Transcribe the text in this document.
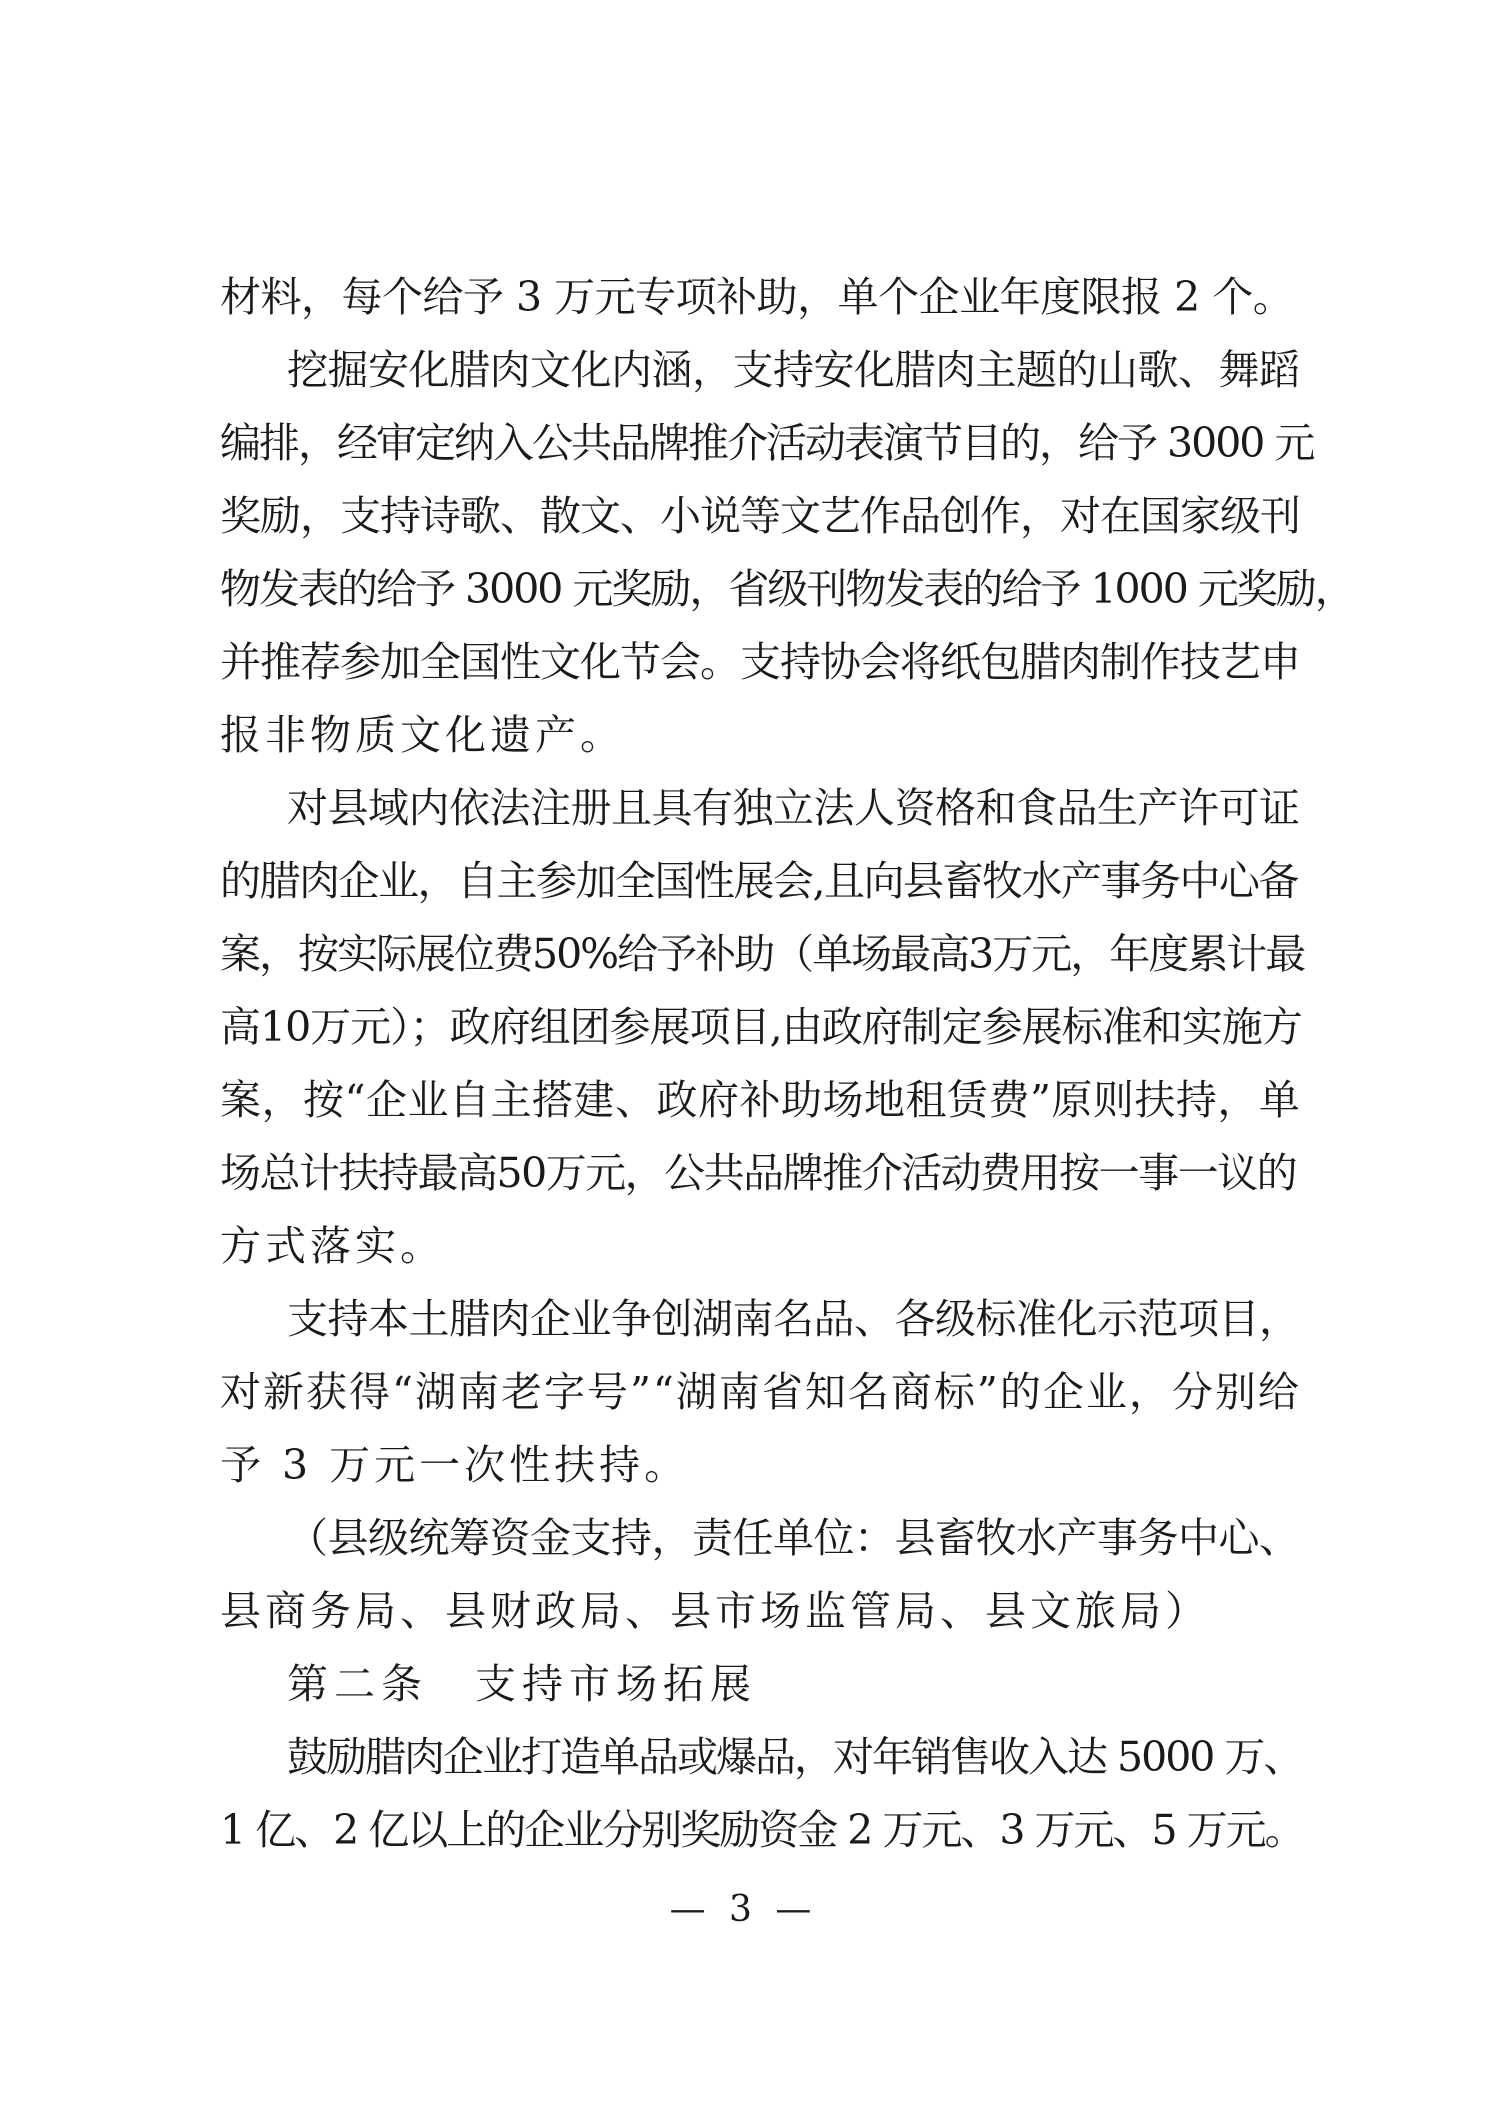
材料，每个给予 3 万元专项补助，单个企业年度限报 2 个。
挖掘安化腊肉文化内涵，支持安化腊肉主题的山歌、舞蹈
编排，经审定纳入公共品牌推介活动表演节目的，给予 3000 元
奖励，支持诗歌、散文、小说等文艺作品创作，对在国家级刊
物发表的给予 3000 元奖励，省级刊物发表的给予 1000 元奖励，
并推荐参加全国性文化节会。支持协会将纸包腊肉制作技艺申
报非物质文化遗产。
对县域内依法注册且具有独立法人资格和食品生产许可证
的腊肉企业，自主参加全国性展会,且向县畜牧水产事务中心备
案，按实际展位费50%给予补助（单场最高3万元，年度累计最
高10万元）；政府组团参展项目,由政府制定参展标准和实施方
案，按“企业自主搭建、政府补助场地租赁费”原则扶持，单
场总计扶持最高50万元，公共品牌推介活动费用按一事一议的
方式落实。
支持本土腊肉企业争创湖南名品、各级标准化示范项目，
对新获得“湖南老字号”“湖南省知名商标”的企业，分别给
予 3 万元一次性扶持。
（县级统筹资金支持，责任单位：县畜牧水产事务中心、
县商务局、县财政局、县市场监管局、县文旅局）
第二条　支持市场拓展
鼓励腊肉企业打造单品或爆品，对年销售收入达 5000 万、
1 亿、2 亿以上的企业分别奖励资金 2 万元、3 万元、5 万元。
— 3 —
